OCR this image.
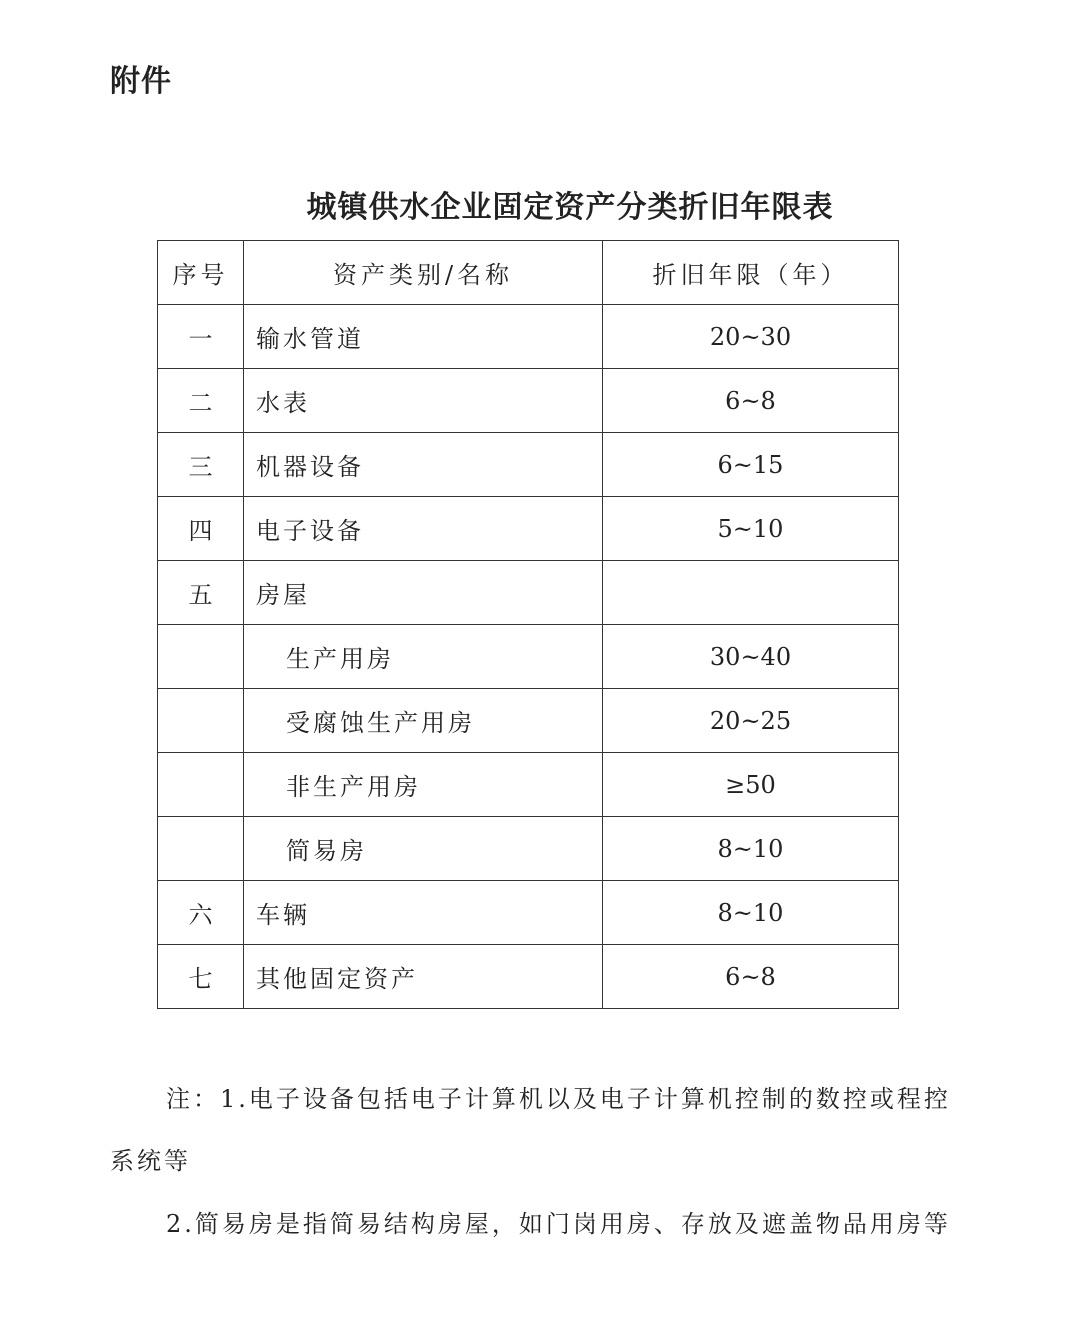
附件
城镇供水企业固定资产分类折旧年限表
序号	资产类别/名称	折旧年限（年）
一	输水管道	20~30
二	水表	6~8
三	机器设备	6~15
四	电子设备	5~10
五	房屋	
	生产用房	30~40
	受腐蚀生产用房	20~25
	非生产用房	≥50
	简易房	8~10
六	车辆	8~10
七	其他固定资产	6~8
注：1.电子设备包括电子计算机以及电子计算机控制的数控或程控
系统等
2.简易房是指简易结构房屋，如门岗用房、存放及遮盖物品用房等
